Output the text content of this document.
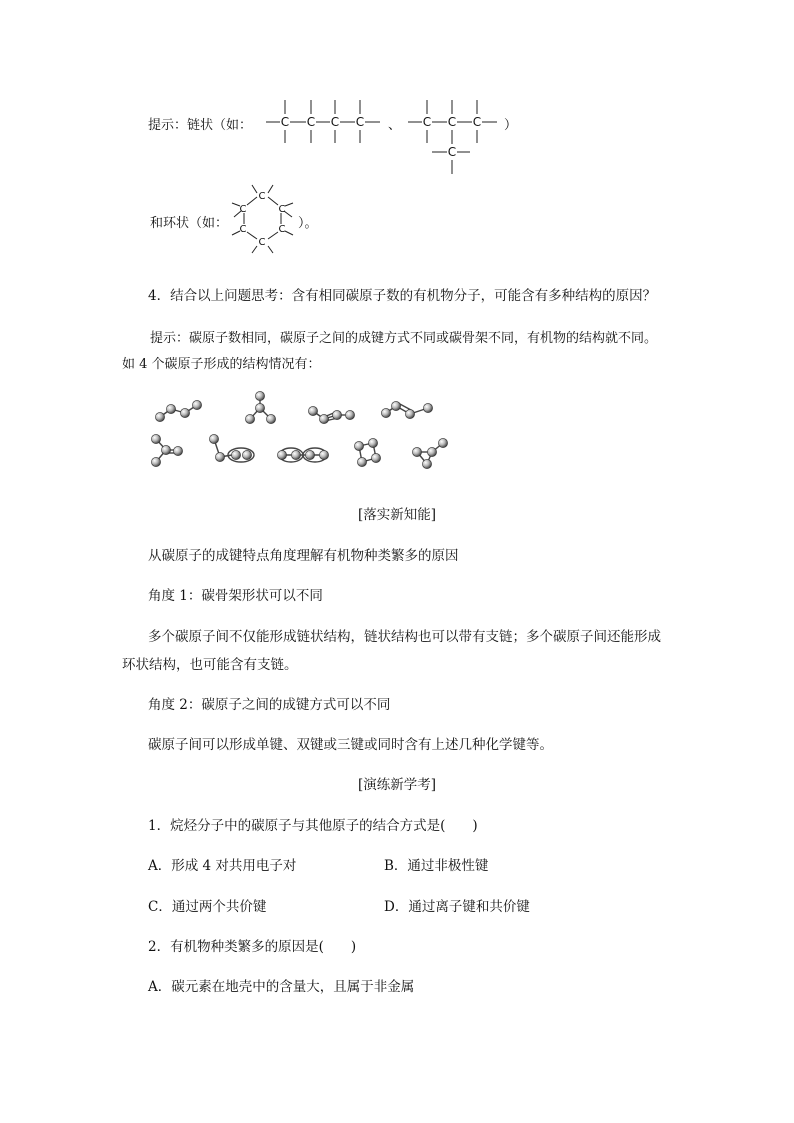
提示：链状（如： C C C C 、 C C C
C
）
和环状（如：
C
C	C
C	C
C
）。
4．结合以上问题思考：含有相同碳原子数的有机物分子，可能含有多种结构的原因？
提示：碳原子数相同，碳原子之间的成键方式不同或碳骨架不同，有机物的结构就不同。
如 4 个碳原子形成的结构情况有：
[落实新知能]
从碳原子的成键特点角度理解有机物种类繁多的原因
角度 1：碳骨架形状可以不同
多个碳原子间不仅能形成链状结构，链状结构也可以带有支链；多个碳原子间还能形成
环状结构，也可能含有支链。
角度 2：碳原子之间的成键方式可以不同
碳原子间可以形成单键、双键或三键或同时含有上述几种化学键等。
[演练新学考]
1．烷烃分子中的碳原子与其他原子的结合方式是(　　)
A．形成 4 对共用电子对	B．通过非极性键
C．通过两个共价键	D．通过离子键和共价键
2．有机物种类繁多的原因是(　　)
A．碳元素在地壳中的含量大，且属于非金属
